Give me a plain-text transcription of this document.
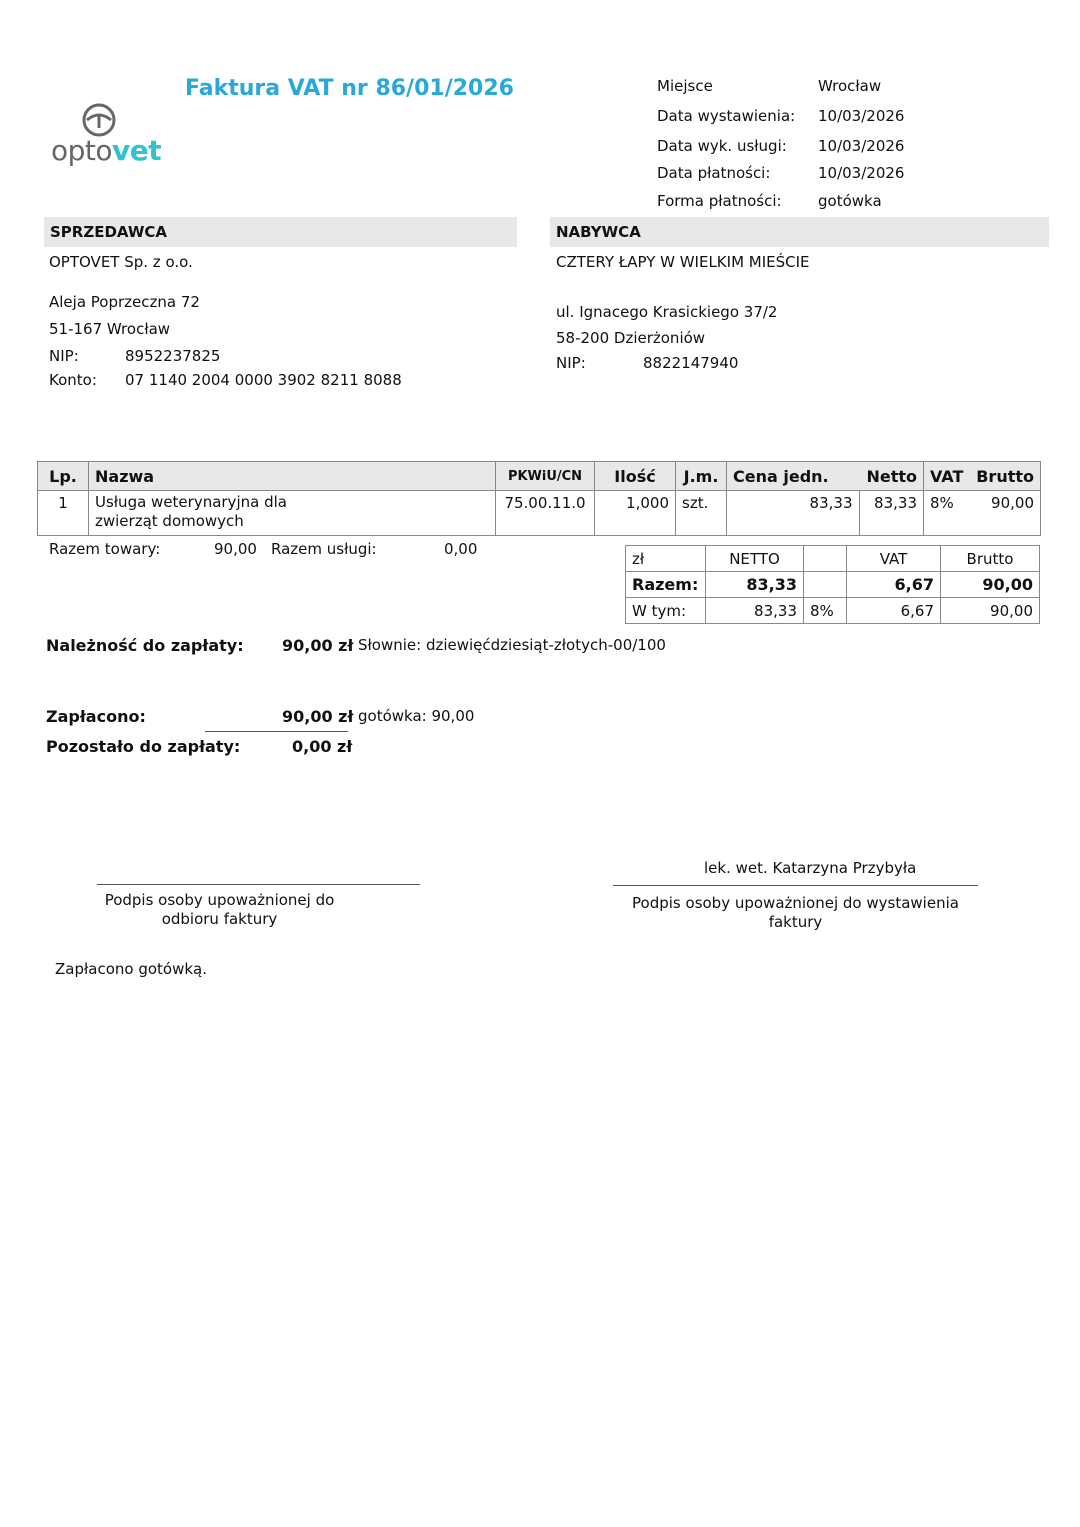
Faktura VAT nr 86/01/2026
optovet
Miejsce	Wrocław
Data wystawienia: 10/03/2026
Data wyk. usługi: 10/03/2026
Data płatności:	10/03/2026
Forma płatności: gotówka
SPRZEDAWCA
OPTOVET Sp. z o.o.
Aleja Poprzeczna 72
51-167 Wrocław
NIP:	8952237825
Konto: 07 1140 2004 0000 3902 8211 8088
NABYWCA
CZTERY ŁAPY W WIELKIM MIEŚCIE
ul. Ignacego Krasickiego 37/2
58-200 Dzierżoniów
NIP:	8822147940
Lp.	Nazwa	PKWiU/CN	Ilość	J.m.	Cena jedn.	Netto	VAT	Brutto
1	Usługa weterynaryjna dla
zwierząt domowych	75.00.11.0	1,000	szt.	83,33	83,33	8%	90,00
Razem towary:	90,00 Razem usługi:	0,00
zł	NETTO		VAT	Brutto
Razem:	83,33		6,67	90,00
W tym:	83,33	8%	6,67	90,00
Należność do zapłaty: 90,00 zł Słownie: dziewięćdziesiąt-złotych-00/100
Zapłacono:	90,00 zł gotówka: 90,00
Pozostało do zapłaty:	0,00 zł
lek. wet. Katarzyna Przybyła
Podpis osoby upoważnionej do
odbioru faktury
Podpis osoby upoważnionej do wystawienia
faktury
Zapłacono gotówką.
